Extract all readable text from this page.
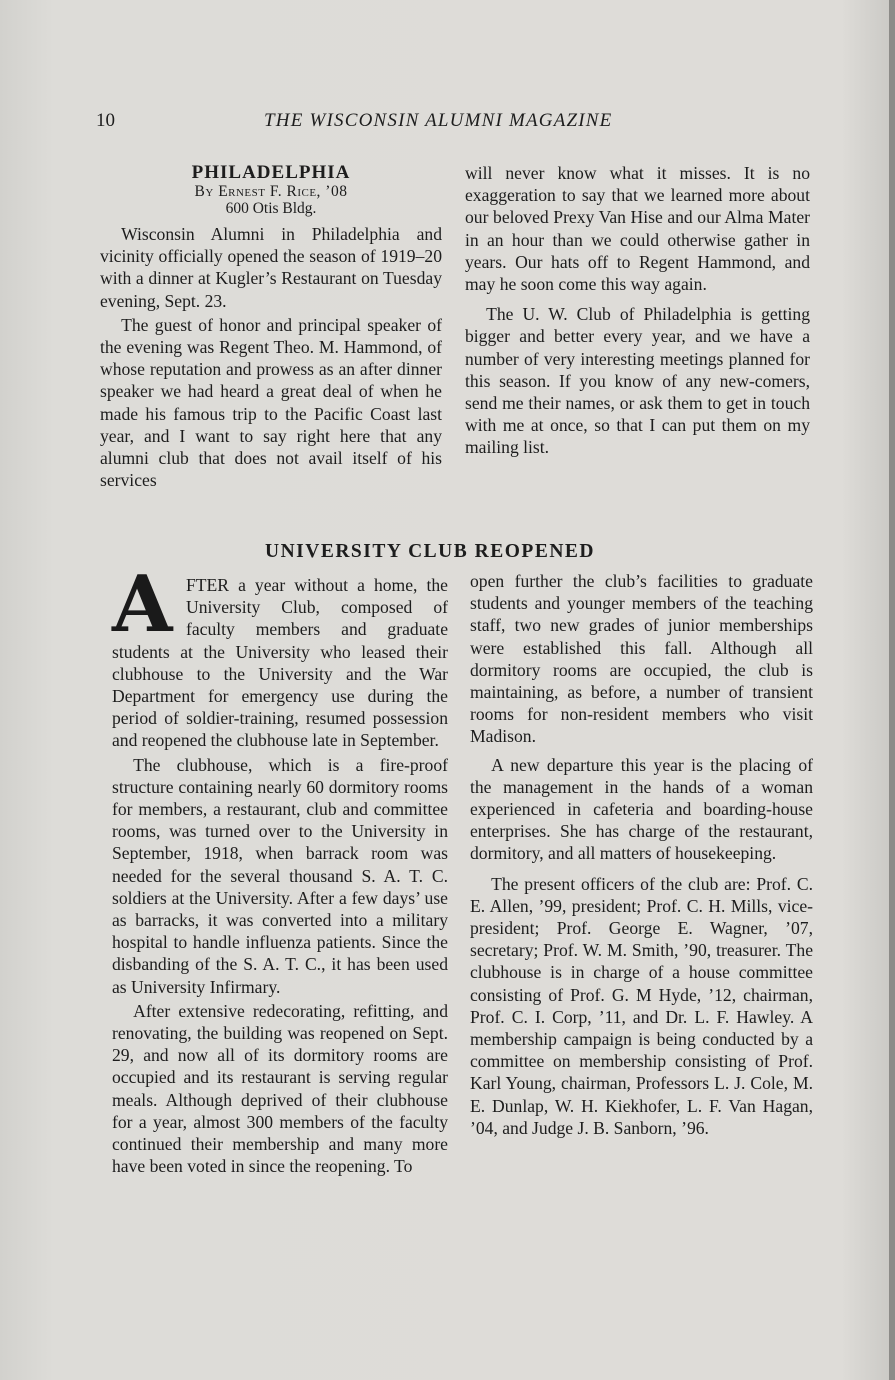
10	THE WISCONSIN ALUMNI MAGAZINE
PHILADELPHIA
By Ernest F. Rice, ’08
600 Otis Bldg.

Wisconsin Alumni in Philadelphia and vicinity officially opened the season of 1919–20 with a dinner at Kugler’s Restaurant on Tuesday evening, Sept. 23.

The guest of honor and principal speaker of the evening was Regent Theo. M. Hammond, of whose reputation and prowess as an after dinner speaker we had heard a great deal of when he made his famous trip to the Pacific Coast last year, and I want to say right here that any alumni club that does not avail itself of his services

will never know what it misses. It is no exaggeration to say that we learned more about our beloved Prexy Van Hise and our Alma Mater in an hour than we could otherwise gather in years. Our hats off to Regent Hammond, and may he soon come this way again.

The U. W. Club of Philadelphia is getting bigger and better every year, and we have a number of very interesting meetings planned for this season. If you know of any new-comers, send me their names, or ask them to get in touch with me at once, so that I can put them on my mailing list.

UNIVERSITY CLUB REOPENED

A FTER a year without a home, the University Club, composed of faculty members and graduate students at the University who leased their clubhouse to the University and the War Department for emergency use during the period of soldier-training, resumed possession and reopened the clubhouse late in September.

The clubhouse, which is a fire-proof structure containing nearly 60 dormitory rooms for members, a restaurant, club and committee rooms, was turned over to the University in September, 1918, when barrack room was needed for the several thousand S. A. T. C. soldiers at the University. After a few days’ use as barracks, it was converted into a military hospital to handle influenza patients. Since the disbanding of the S. A. T. C., it has been used as University Infirmary.

After extensive redecorating, refitting, and renovating, the building was reopened on Sept. 29, and now all of its dormitory rooms are occupied and its restaurant is serving regular meals. Although deprived of their clubhouse for a year, almost 300 members of the faculty continued their membership and many more have been voted in since the reopening. To

open further the club’s facilities to graduate students and younger members of the teaching staff, two new grades of junior memberships were established this fall. Although all dormitory rooms are occupied, the club is maintaining, as before, a number of transient rooms for non-resident members who visit Madison.

A new departure this year is the placing of the management in the hands of a woman experienced in cafeteria and boarding-house enterprises. She has charge of the restaurant, dormitory, and all matters of housekeeping.

The present officers of the club are: Prof. C. E. Allen, ’99, president; Prof. C. H. Mills, vice-president; Prof. George E. Wagner, ’07, secretary; Prof. W. M. Smith, ’90, treasurer. The clubhouse is in charge of a house committee consisting of Prof. G. M Hyde, ’12, chairman, Prof. C. I. Corp, ’11, and Dr. L. F. Hawley. A membership campaign is being conducted by a committee on membership consisting of Prof. Karl Young, chairman, Professors L. J. Cole, M. E. Dunlap, W. H. Kiekhofer, L. F. Van Hagan, ’04, and Judge J. B. Sanborn, ’96.
